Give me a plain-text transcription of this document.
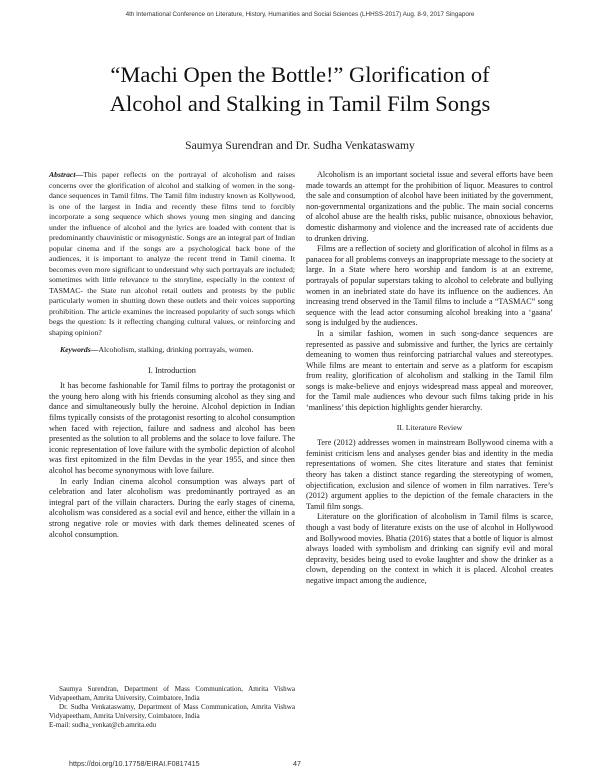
4th International Conference on Literature, History, Humanities and Social Sciences (LHHSS-2017) Aug. 8-9, 2017 Singapore
“Machi Open the Bottle!” Glorification of
Alcohol and Stalking in Tamil Film Songs
Saumya Surendran and Dr. Sudha Venkataswamy

Abstract—This paper reflects on the portrayal of alcoholism and raises concerns over the glorification of alcohol and stalking of women in the song-dance sequences in Tamil films. The Tamil film industry known as Kollywood, is one of the largest in India and recently these films tend to forcibly incorporate a song sequence which shows young men singing and dancing under the influence of alcohol and the lyrics are loaded with content that is predominantly chauvinistic or misogynistic. Songs are an integral part of Indian popular cinema and if the songs are a psychological back bone of the audiences, it is important to analyze the recent trend in Tamil cinema. It becomes even more significant to understand why such portrayals are included; sometimes with little relevance to the storyline, especially in the context of TASMAC- the State run alcohol retail outlets and protests by the public particularly women in shutting down these outlets and their voices supporting prohibition. The article examines the increased popularity of such songs which begs the question: Is it reflecting changing cultural values, or reinforcing and shaping opinion?

Keywords—Alcoholism, stalking, drinking portrayals, women.

I. Introduction

It has become fashionable for Tamil films to portray the protagonist or the young hero along with his friends consuming alcohol as they sing and dance and simultaneously bully the heroine. Alcohol depiction in Indian films typically consists of the protagonist resorting to alcohol consumption when faced with rejection, failure and sadness and alcohol has been presented as the solution to all problems and the solace to love failure. The iconic representation of love failure with the symbolic depiction of alcohol was first epitomized in the film Devdas in the year 1955, and since then alcohol has become synonymous with love failure.

In early Indian cinema alcohol consumption was always part of celebration and later alcoholism was predominantly portrayed as an integral part of the villain characters. During the early stages of cinema, alcoholism was considered as a social evil and hence, either the villain in a strong negative role or movies with dark themes delineated scenes of alcohol consumption.

Alcoholism is an important societal issue and several efforts have been made towards an attempt for the prohibition of liquor. Measures to control the sale and consumption of alcohol have been initiated by the government, non-governmental organizations and the public. The main social concerns of alcohol abuse are the health risks, public nuisance, obnoxious behavior, domestic disharmony and violence and the increased rate of accidents due to drunken driving.

Films are a reflection of society and glorification of alcohol in films as a panacea for all problems conveys an inappropriate message to the society at large. In a State where hero worship and fandom is at an extreme, portrayals of popular superstars taking to alcohol to celebrate and bullying women in an inebriated state do have its influence on the audiences. An increasing trend observed in the Tamil films to include a “TASMAC” song sequence with the lead actor consuming alcohol breaking into a ‘gaana’ song is indulged by the audiences.

In a similar fashion, women in such song-dance sequences are represented as passive and submissive and further, the lyrics are certainly demeaning to women thus reinforcing patriarchal values and stereotypes. While films are meant to entertain and serve as a platform for escapism from reality, glorification of alcoholism and stalking in the Tamil film songs is make-believe and enjoys widespread mass appeal and moreover, for the Tamil male audiences who devour such films taking pride in his ‘manliness’ this depiction highlights gender hierarchy.

II. Literature Review

Tere (2012) addresses women in mainstream Bollywood cinema with a feminist criticism lens and analyses gender bias and identity in the media representations of women. She cites literature and states that feminist theory has taken a distinct stance regarding the stereotyping of women, objectification, exclusion and silence of women in film narratives. Tere’s (2012) argument applies to the depiction of the female characters in the Tamil film songs.

Literature on the glorification of alcoholism in Tamil films is scarce, though a vast body of literature exists on the use of alcohol in Hollywood and Bollywood movies. Bhatia (2016) states that a bottle of liquor is almost always loaded with symbolism and drinking can signify evil and moral depravity, besides being used to evoke laughter and show the drinker as a clown, depending on the context in which it is placed. Alcohol creates negative impact among the audience,

Saumya Surendran, Department of Mass Communication, Amrita Vishwa Vidyapeetham, Amrita University, Coimbatore, India

Dr. Sudha Venkataswamy, Department of Mass Communication, Amrita Vishwa Vidyapeetham, Amrita University, Coimbatore, India

E-mail: sudha_venkat@cb.amrita.edu

https://doi.org/10.17758/EIRAI.F0817415	47
